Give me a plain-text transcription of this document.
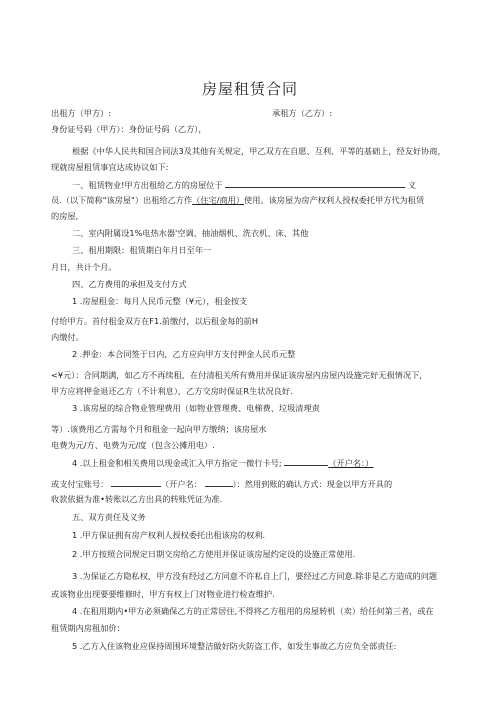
房屋租赁合同
出租方（甲方）:	承租方（乙方）:
身份证号码（甲方）：身份证号码（乙方），
根据《中华人民共和国合同法3及其他有关规定，甲乙双方在自愿、互利、平等的基础上，经友好协商，
现就房屋租赁事宜达成协议如下:
一、租赁物业!甲方出租给乙方的房屋位于	义
员.（以下简称"该房屋"）出租给乙方作（住宅/商用）使用。该房屋为房产权利人授权委托甲方代为租赁
的房屋,
二、室内附属设1%电热水器'空调、抽油烟机、洗衣机、床、其他
三、租用期限：租赁期白年月日至年一
月日，共计个月。
四、乙方费用的承担及支付方式
1 .房屋租金：每月人民币元整（¥元），租金按支
付给甲方。首付租金双方在F1.前缴付，以后租金每的前H
内缴付。
2 .押金：本合同签于日内，乙方应向甲方支付押金人民币元整
<¥元）：合同期满，如乙方不再续租，在付清租关所有费用并保证该房屋内房屋内设施完好无损情况下，
甲方应将押金退还乙方（不计利息），乙方交房时保证R生状况良好.
3 .该房屋的综合物业管理费用（如物业管理费、电梯费、垃圾清理责
等）.该费用乙方需每个月和租金一起向甲方缴纳；该房屋水
电费为元/方、电费为元/度（包含公摊用电）.
4 .以上租金和相关费用以现金或汇入甲方指定一微行卡号;	（开户名：）
或支付宝账号：	（开户名：	）：然用到账的确认方式：现金以甲方开具的
收款依据为准•转账以乙方出具的转账凭证为准.
五、双方责任及义务
1 .甲方保证拥有房产权利人授权委托出租该房的权利.
2 .甲方按照合同规定日期交房给乙方使用并保证该房屋约定设的设施正常使用.
3 .为保证乙方隐私权，甲方没有经过乙方同意不许私自上门，要经过乙方同意.除非是乙方造成的问题
或该物业出现要要维修时，甲方有权上门对物业进行检查维护.
4 .在租用期内•甲方必须确保乙方的正常居住,不得将乙方租用的房屋转机（卖）给任何第三者，或在
租赁期内房租加价：
5 .乙方入住该物业应保持周围环境整洁做好防火防盗工作，如发生事故乙方应负全部责任:
